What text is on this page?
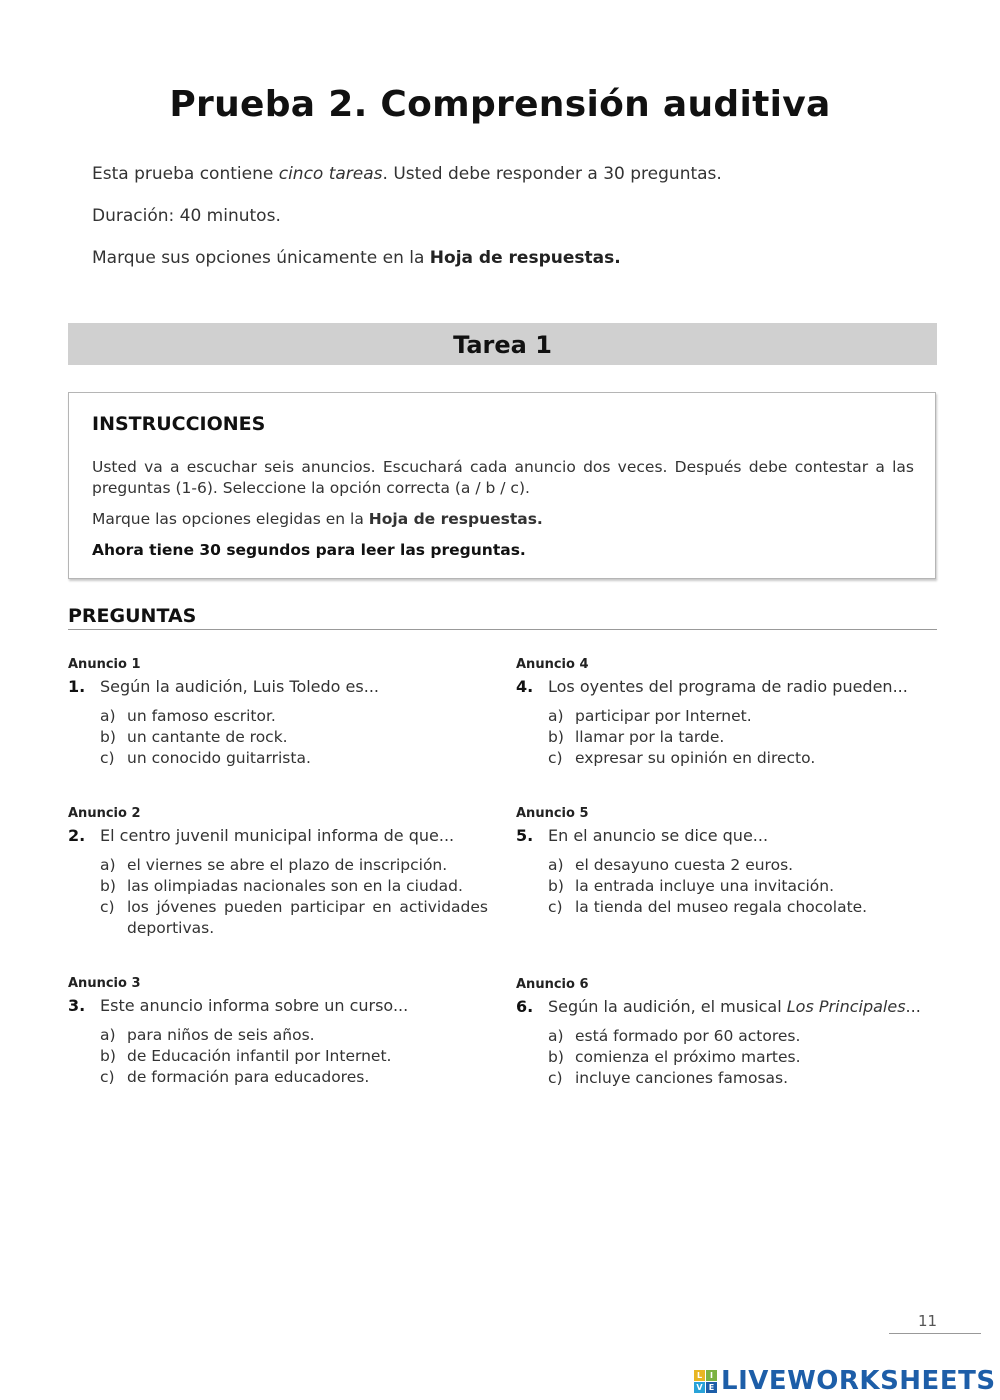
Prueba 2. Comprensión auditiva
Esta prueba contiene cinco tareas. Usted debe responder a 30 preguntas.
Duración: 40 minutos.
Marque sus opciones únicamente en la Hoja de respuestas.
Tarea 1
INSTRUCCIONES
Usted va a escuchar seis anuncios. Escuchará cada anuncio dos veces. Después debe contestar a las preguntas (1-6). Seleccione la opción correcta (a / b / c).
Marque las opciones elegidas en la Hoja de respuestas.
Ahora tiene 30 segundos para leer las preguntas.
PREGUNTAS
Anuncio 1
1. Según la audición, Luis Toledo es...
a) un famoso escritor.
b) un cantante de rock.
c) un conocido guitarrista.
Anuncio 2
2. El centro juvenil municipal informa de que...
a) el viernes se abre el plazo de inscripción.
b) las olimpiadas nacionales son en la ciudad.
c) los jóvenes pueden participar en actividades deportivas.
Anuncio 3
3. Este anuncio informa sobre un curso...
a) para niños de seis años.
b) de Educación infantil por Internet.
c) de formación para educadores.
Anuncio 4
4. Los oyentes del programa de radio pueden...
a) participar por Internet.
b) llamar por la tarde.
c) expresar su opinión en directo.
Anuncio 5
5. En el anuncio se dice que...
a) el desayuno cuesta 2 euros.
b) la entrada incluye una invitación.
c) la tienda del museo regala chocolate.
Anuncio 6
6. Según la audición, el musical Los Principales...
a) está formado por 60 actores.
b) comienza el próximo martes.
c) incluye canciones famosas.
11
L I
V E LIVEWORKSHEETS
